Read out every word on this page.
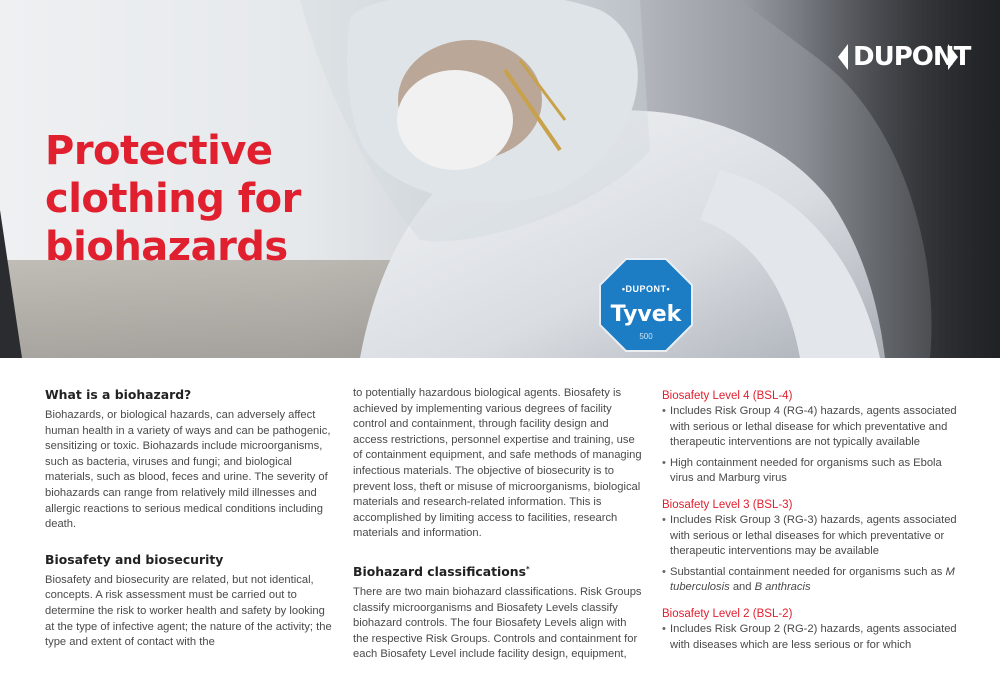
Protective clothing for biohazards
DUPONT
•DUPONT•
Tyvek
500
What is a biohazard?

Biohazards, or biological hazards, can adversely affect human health in a variety of ways and can be pathogenic, sensitizing or toxic. Biohazards include microorganisms, such as bacteria, viruses and fungi; and biological materials, such as blood, feces and urine. The severity of biohazards can range from relatively mild illnesses and allergic reactions to serious medical conditions including death.

Biosafety and biosecurity

Biosafety and biosecurity are related, but not identical, concepts. A risk assessment must be carried out to determine the risk to worker health and safety by looking at the type of infective agent; the nature of the activity; the type and extent of contact with the

to potentially hazardous biological agents. Biosafety is achieved by implementing various degrees of facility control and containment, through facility design and access restrictions, personnel expertise and training, use of containment equipment, and safe methods of managing infectious materials. The objective of biosecurity is to prevent loss, theft or misuse of microorganisms, biological materials and research-related information. This is accomplished by limiting access to facilities, research materials and information.

Biohazard classifications*

There are two main biohazard classifications. Risk Groups classify microorganisms and Biosafety Levels classify biohazard controls. The four Biosafety Levels align with the respective Risk Groups. Controls and containment for each Biosafety Level include facility design, equipment,

Biosafety Level 4 (BSL-4)
• Includes Risk Group 4 (RG-4) hazards, agents associated with serious or lethal disease for which preventative and therapeutic interventions are not typically available
• High containment needed for organisms such as Ebola virus and Marburg virus
Biosafety Level 3 (BSL-3)
• Includes Risk Group 3 (RG-3) hazards, agents associated with serious or lethal diseases for which preventative or therapeutic interventions may be available
• Substantial containment needed for organisms such as M tuberculosis and B anthracis
Biosafety Level 2 (BSL-2)
• Includes Risk Group 2 (RG-2) hazards, agents associated with diseases which are less serious or for which
